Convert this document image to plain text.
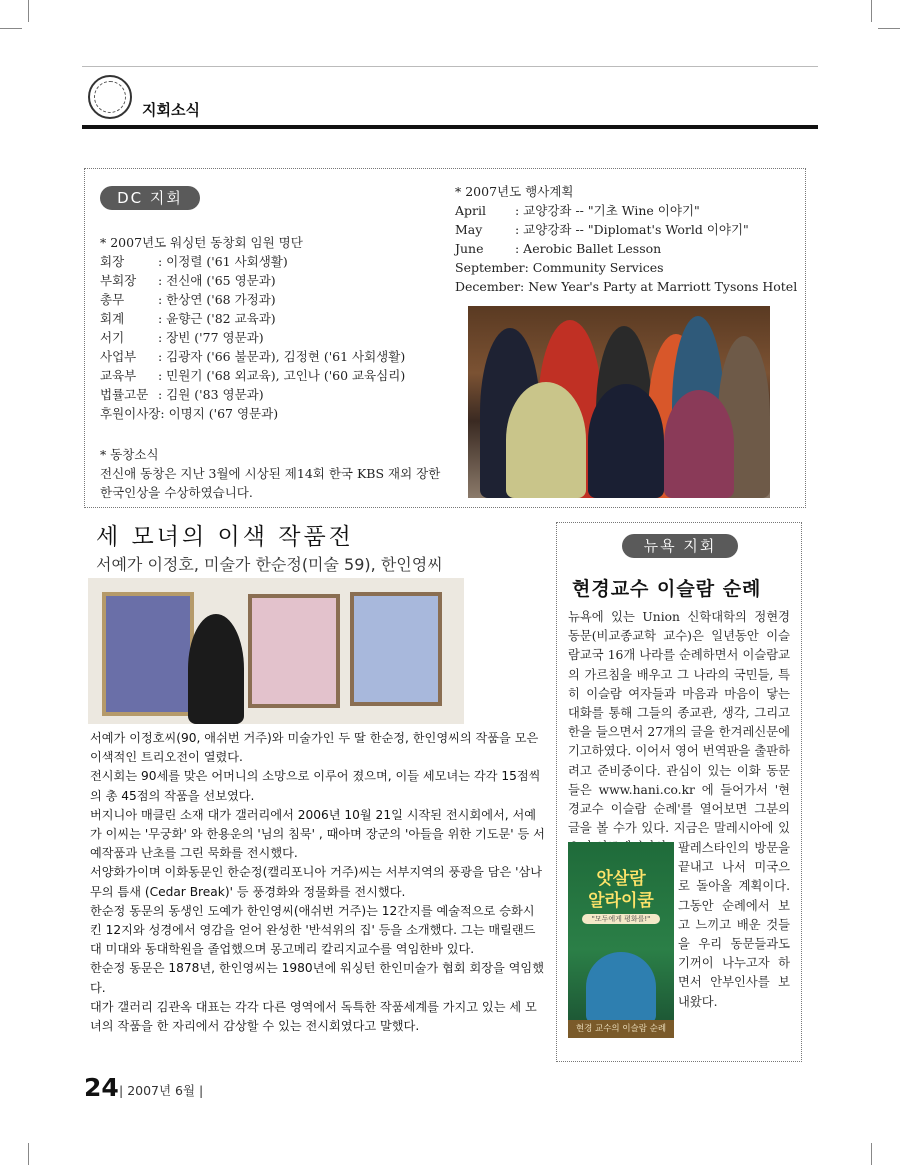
지회소식
DC 지회
* 2007년도 워싱턴 동창회 임원 명단
회장	: 이정렬 ('61 사회생활)
부회장	: 전신애 ('65 영문과)
총무	: 한상연 ('68 가정과)
회계	: 윤향근 ('82 교육과)
서기	: 장빈 ('77 영문과)
사업부	: 김광자 ('66 불문과), 김정현 ('61 사회생활)
교육부	: 민원기 ('68 외교육), 고인나 ('60 교육심리)
법률고문 : 김원 ('83 영문과)
후원이사장 : 이명지 ('67 영문과)
* 동창소식
전신애 동창은 지난 3월에 시상된 제14회 한국 KBS 재외 장한
한국인상을 수상하였습니다.
* 2007년도 행사계획
April	: 교양강좌 -- "기초 Wine 이야기"
May	: 교양강좌 -- "Diplomat's World 이야기"
June	: Aerobic Ballet Lesson
September: Community Services
December: New Year's Party at Marriott Tysons Hotel
세 모녀의 이색 작품전
서예가 이정호, 미술가 한순정(미술 59), 한인영씨

서예가 이정호씨(90, 애쉬번 거주)와 미술가인 두 딸 한순정, 한인영씨의 작품을 모은 이색적인 트리오전이 열렸다.

전시회는 90세를 맞은 어머니의 소망으로 이루어 졌으며, 이들 세모녀는 각각 15점씩의 총 45점의 작품을 선보였다.

버지니아 매클린 소재 대가 갤러리에서 2006년 10월 21일 시작된 전시회에서, 서예가 이씨는 '무궁화' 와 한용운의 '님의 침묵' , 때아며 장군의 '아들을 위한 기도문' 등 서예작품과 난초를 그린 묵화를 전시했다.

서양화가이며 이화동문인 한순정(캘리포니아 거주)씨는 서부지역의 풍광을 담은 '삼나무의 틈새 (Cedar Break)' 등 풍경화와 정물화를 전시했다.

한순정 동문의 동생인 도예가 한인영씨(애쉬번 거주)는 12간지를 예술적으로 승화시킨 12지와 성경에서 영감을 얻어 완성한 '반석위의 집' 등을 소개했다. 그는 매릴랜드대 미대와 동대학원을 졸업했으며 몽고메리 칼리지교수를 역임한바 있다.

한순정 동문은 1878년, 한인영씨는 1980년에 워싱턴 한인미술가 협회 회장을 역임했다.

대가 갤러리 김관옥 대표는 각각 다른 영역에서 독특한 작품세계를 가지고 있는 세 모녀의 작품을 한 자리에서 감상할 수 있는 전시회였다고 말했다.

뉴욕 지회
현경교수 이슬람 순례
뉴욕에 있는 Union 신학대학의 정현경 동문(비교종교학 교수)은 일년동안 이슬람교국 16개 나라를 순례하면서 이슬람교의 가르침을 배우고 그 나라의 국민들, 특히 이슬람 여자들과 마음과 마음이 닿는 대화를 통해 그들의 종교관, 생각, 그리고 한을 들으면서 27개의 글을 한겨레신문에 기고하였다. 이어서 영어 번역판을 출판하려고 준비중이다. 관심이 있는 이화 동문들은 www.hani.co.kr 에 들어가서 '현경교수 이슬람 순례'를 열어보면 그분의 글을 볼 수가 있다. 지금은 말레시아에 있
팔레스타인의 방문을 끝내고 나서 미국으로 돌아올 계획이다. 그동안 순례에서 보고 느끼고 배운 것들을 우리 동문들과도 기꺼이 나누고자 하면서 안부인사를 보내왔다.
앗살람
알라이쿰
"모두에게 평화를!"
현경 교수의 이슬람 순례
24 | 2007년 6월 |
